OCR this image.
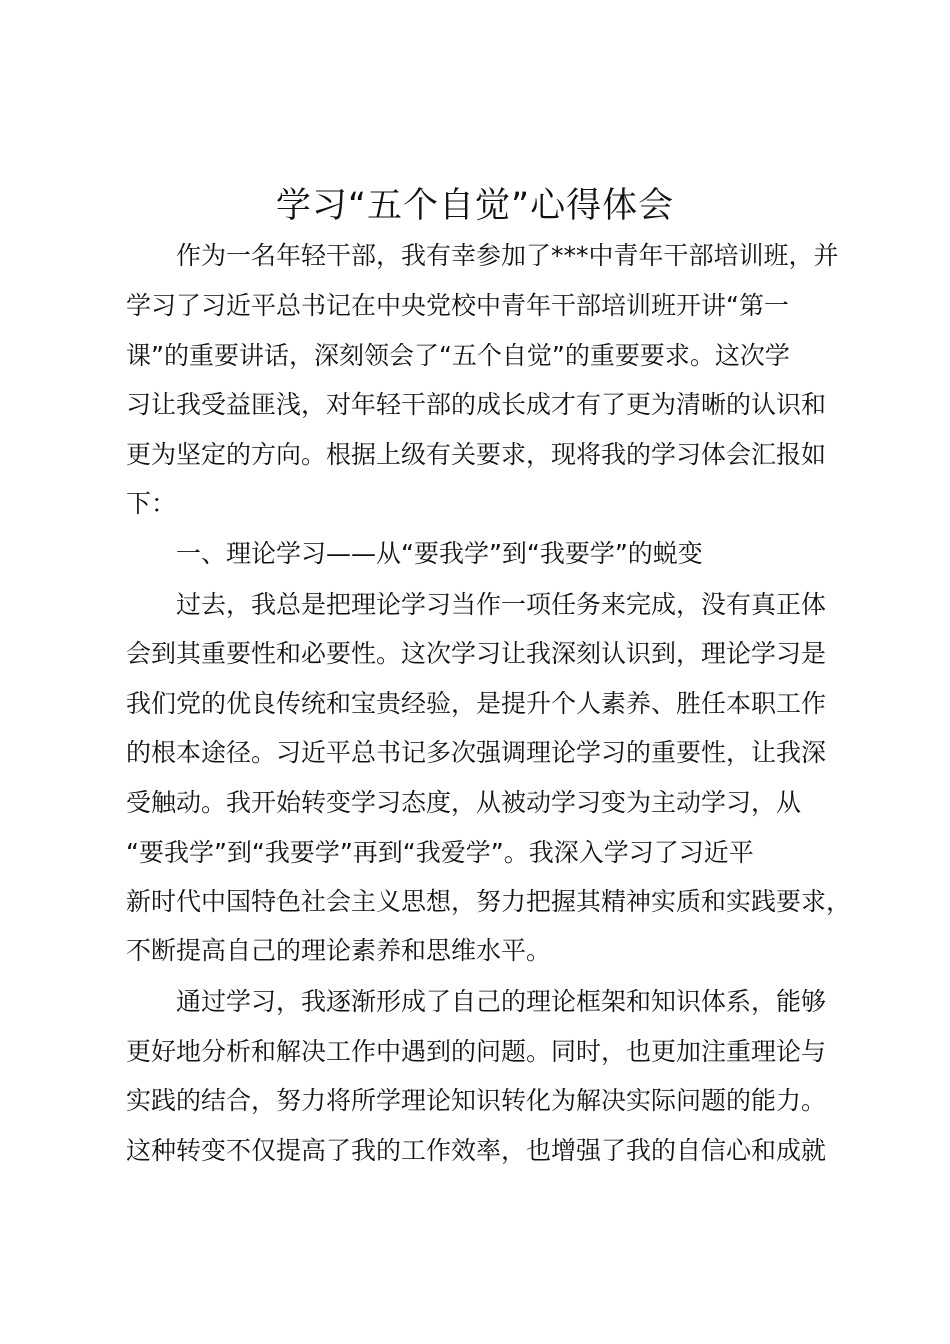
学习“五个自觉”心得体会

作为一名年轻干部，我有幸参加了***中青年干部培训班，并

学习了习近平总书记在中央党校中青年干部培训班开讲“第一

课”的重要讲话，深刻领会了“五个自觉”的重要要求。这次学

习让我受益匪浅，对年轻干部的成长成才有了更为清晰的认识和

更为坚定的方向。根据上级有关要求，现将我的学习体会汇报如

下：

一、理论学习——从“要我学”到“我要学”的蜕变

过去，我总是把理论学习当作一项任务来完成，没有真正体

会到其重要性和必要性。这次学习让我深刻认识到，理论学习是

我们党的优良传统和宝贵经验，是提升个人素养、胜任本职工作

的根本途径。习近平总书记多次强调理论学习的重要性，让我深

受触动。我开始转变学习态度，从被动学习变为主动学习，从

“要我学”到“我要学”再到“我爱学”。我深入学习了习近平

新时代中国特色社会主义思想，努力把握其精神实质和实践要求，

不断提高自己的理论素养和思维水平。

通过学习，我逐渐形成了自己的理论框架和知识体系，能够

更好地分析和解决工作中遇到的问题。同时，也更加注重理论与

实践的结合，努力将所学理论知识转化为解决实际问题的能力。

这种转变不仅提高了我的工作效率，也增强了我的自信心和成就
